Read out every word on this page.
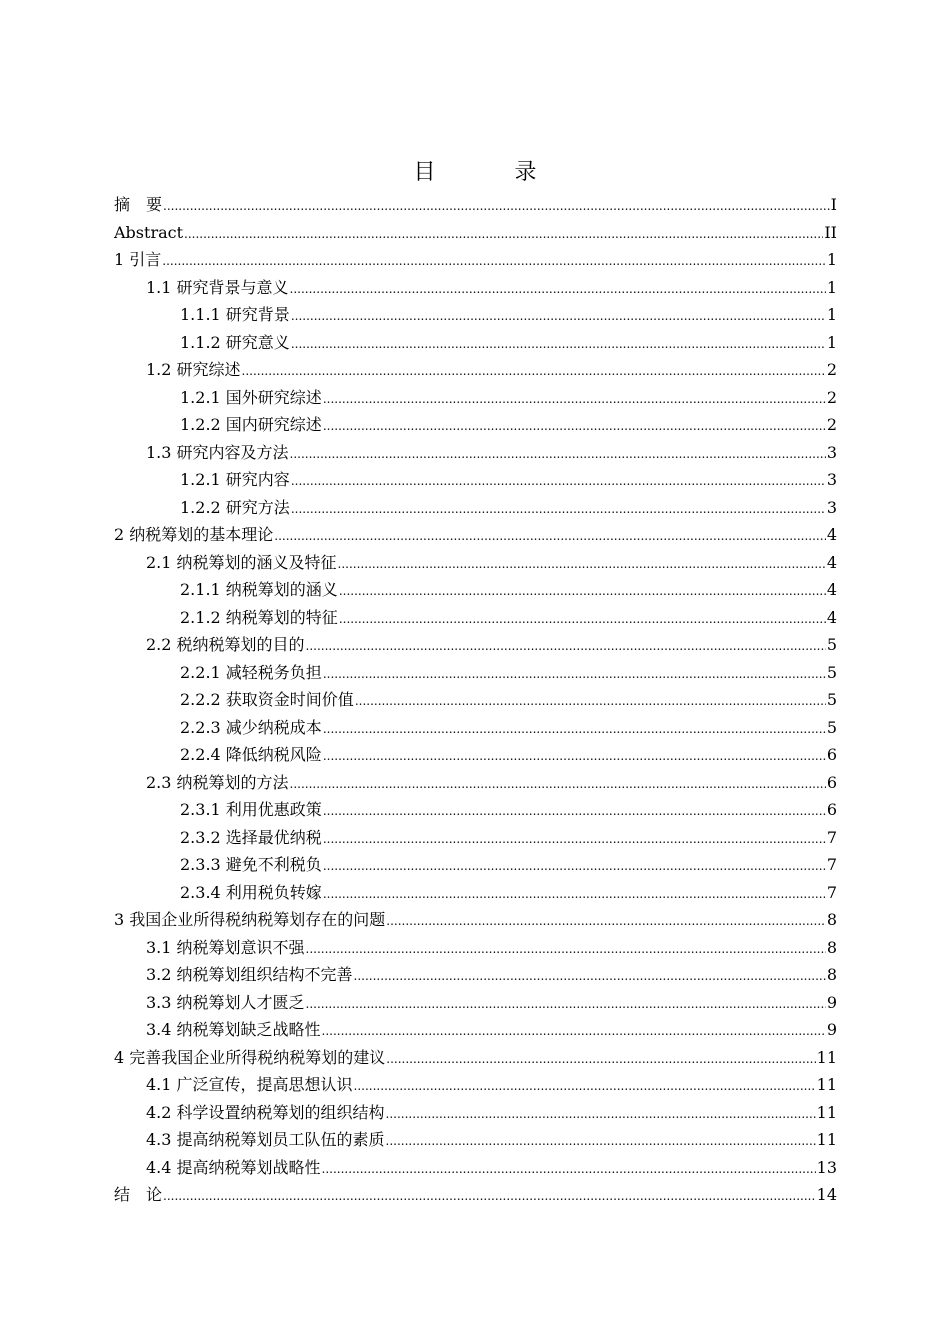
目 录
摘　要 .....	I
Abstract .....	II
1 引言 .....	1
1.1 研究背景与意义 .....	1
1.1.1 研究背景 .....	1
1.1.2 研究意义 .....	1
1.2 研究综述 .....	2
1.2.1 国外研究综述 .....	2
1.2.2 国内研究综述 .....	2
1.3 研究内容及方法 .....	3
1.2.1 研究内容 .....	3
1.2.2 研究方法 .....	3
2 纳税筹划的基本理论 .....	4
2.1 纳税筹划的涵义及特征 .....	4
2.1.1 纳税筹划的涵义 .....	4
2.1.2 纳税筹划的特征 .....	4
2.2 税纳税筹划的目的 .....	5
2.2.1 减轻税务负担 .....	5
2.2.2 获取资金时间价值 .....	5
2.2.3 减少纳税成本 .....	5
2.2.4 降低纳税风险 .....	6
2.3 纳税筹划的方法 .....	6
2.3.1 利用优惠政策 .....	6
2.3.2 选择最优纳税 .....	7
2.3.3 避免不利税负 .....	7
2.3.4 利用税负转嫁 .....	7
3 我国企业所得税纳税筹划存在的问题 .....	8
3.1 纳税筹划意识不强 .....	8
3.2 纳税筹划组织结构不完善 .....	8
3.3 纳税筹划人才匮乏 .....	9
3.4 纳税筹划缺乏战略性 .....	9
4 完善我国企业所得税纳税筹划的建议 .....	11
4.1 广泛宣传，提高思想认识 .....	11
4.2 科学设置纳税筹划的组织结构 .....	11
4.3 提高纳税筹划员工队伍的素质 .....	11
4.4 提高纳税筹划战略性 .....	13
结　论 .....	14
